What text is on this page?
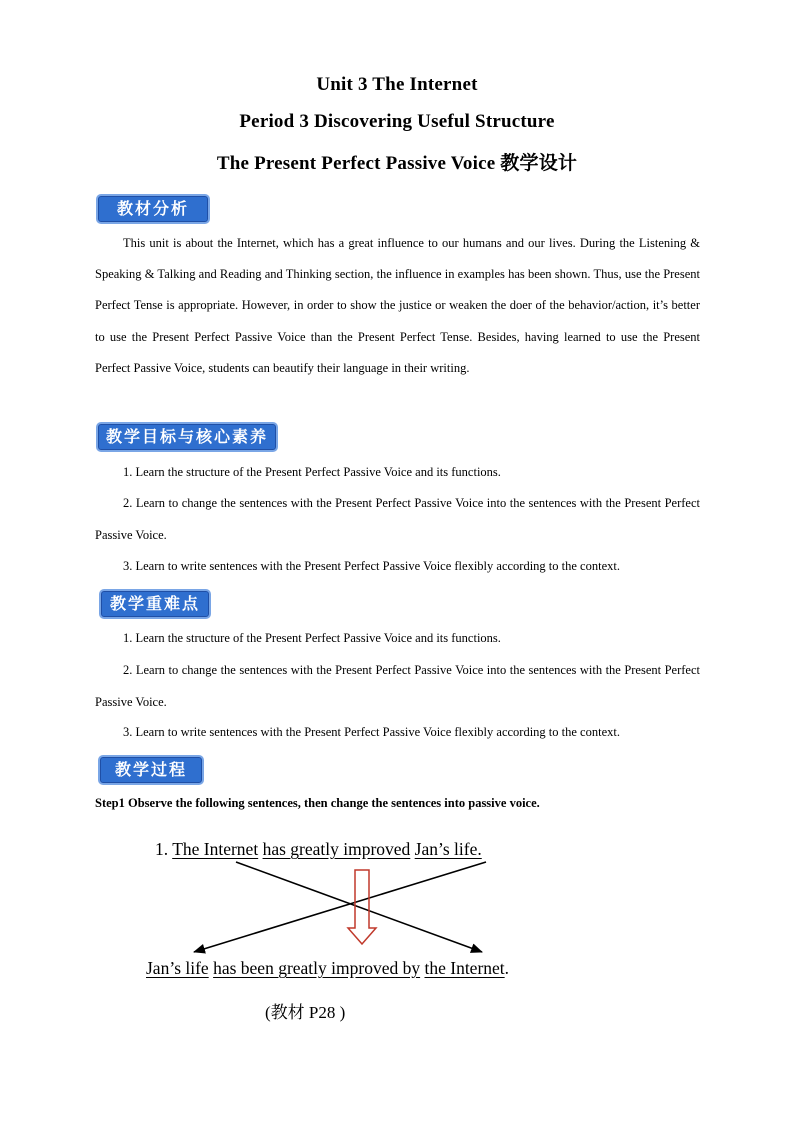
Unit 3 The Internet
Period 3 Discovering Useful Structure
The Present Perfect Passive Voice 教学设计
教材分析

This unit is about the Internet, which has a great influence to our humans and our lives. During the Listening & Speaking & Talking and Reading and Thinking section, the influence in examples has been shown. Thus, use the Present Perfect Tense is appropriate. However, in order to show the justice or weaken the doer of the behavior/action, it’s better to use the Present Perfect Passive Voice than the Present Perfect Tense. Besides, having learned to use the Present Perfect Passive Voice, students can beautify their language in their writing.

教学目标与核心素养

1. Learn the structure of the Present Perfect Passive Voice and its functions.

2. Learn to change the sentences with the Present Perfect Passive Voice into the sentences with the Present Perfect Passive Voice.

3. Learn to write sentences with the Present Perfect Passive Voice flexibly according to the context.

教学重难点

1. Learn the structure of the Present Perfect Passive Voice and its functions.

2. Learn to change the sentences with the Present Perfect Passive Voice into the sentences with the Present Perfect Passive Voice.

3. Learn to write sentences with the Present Perfect Passive Voice flexibly according to the context.

教学过程
Step1 Observe the following sentences, then change the sentences into passive voice.
1. The Internet has greatly improved Jan’s life.
Jan’s life has been greatly improved by the Internet.
(教材 P28 )
